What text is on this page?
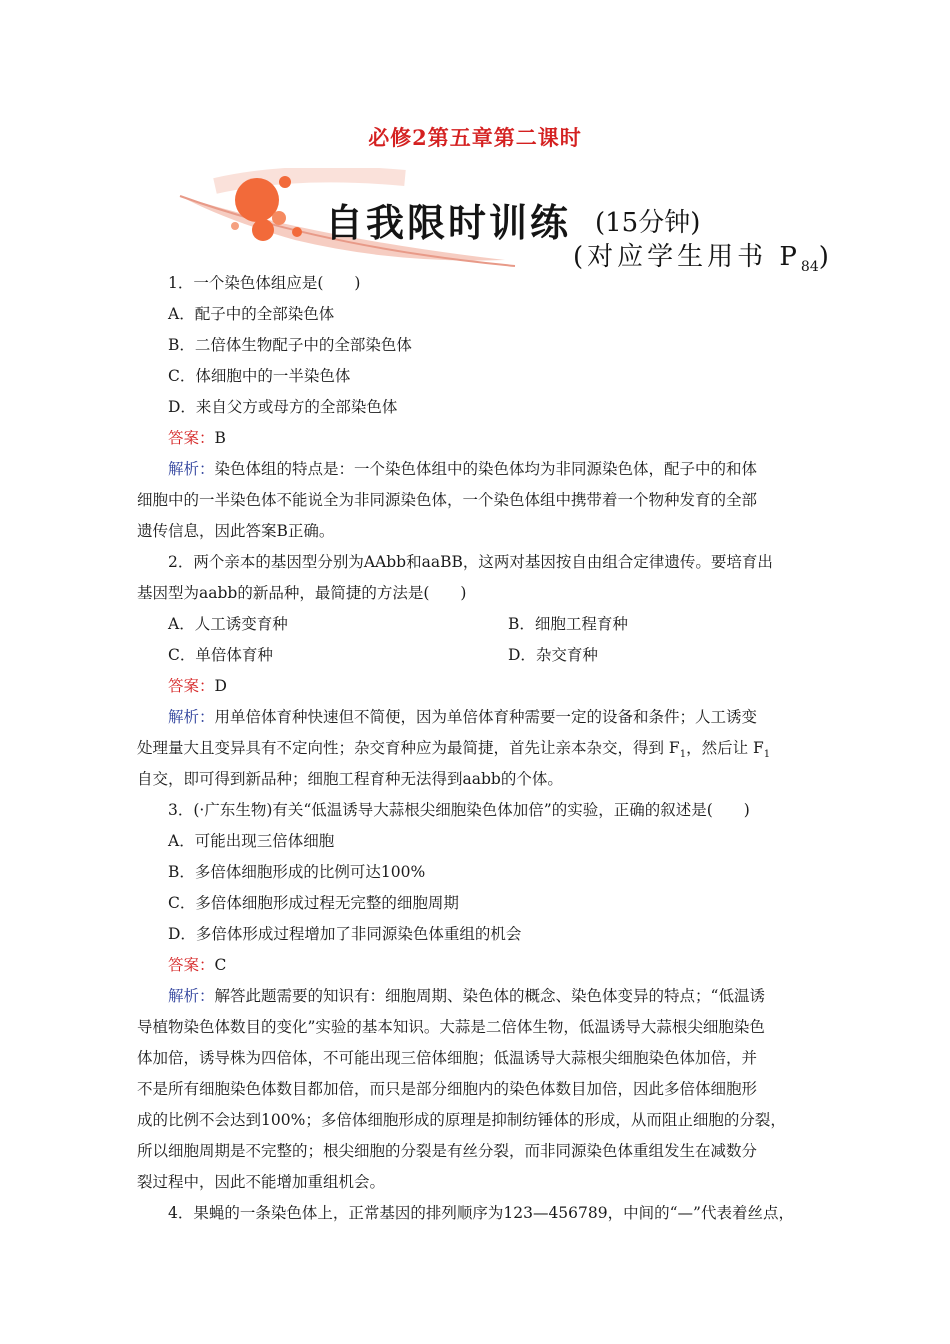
必修2第五章第二课时
自我限时训练 (15分钟)
(对应学生用书 $P_{84}$)
1．一个染色体组应是(　　)
A．配子中的全部染色体
B．二倍体生物配子中的全部染色体
C．体细胞中的一半染色体
D．来自父方或母方的全部染色体
答案：B
解析：染色体组的特点是：一个染色体组中的染色体均为非同源染色体，配子中的和体
细胞中的一半染色体不能说全为非同源染色体，一个染色体组中携带着一个物种发育的全部
遗传信息，因此答案B正确。
2．两个亲本的基因型分别为AAbb和aaBB，这两对基因按自由组合定律遗传。要培育出
基因型为aabb的新品种，最简捷的方法是(　　)
A．人工诱变育种	B．细胞工程育种
C．单倍体育种	D．杂交育种
答案：D
解析：用单倍体育种快速但不简便，因为单倍体育种需要一定的设备和条件；人工诱变
处理量大且变异具有不定向性；杂交育种应为最简捷，首先让亲本杂交，得到 $F_1$，然后让 $F_1$
自交，即可得到新品种；细胞工程育种无法得到aabb的个体。
3．(·广东生物)有关“低温诱导大蒜根尖细胞染色体加倍”的实验，正确的叙述是(　　)
A．可能出现三倍体细胞
B．多倍体细胞形成的比例可达100%
C．多倍体细胞形成过程无完整的细胞周期
D．多倍体形成过程增加了非同源染色体重组的机会
答案：C
解析：解答此题需要的知识有：细胞周期、染色体的概念、染色体变异的特点；“低温诱
导植物染色体数目的变化”实验的基本知识。大蒜是二倍体生物，低温诱导大蒜根尖细胞染色
体加倍，诱导株为四倍体，不可能出现三倍体细胞；低温诱导大蒜根尖细胞染色体加倍，并
不是所有细胞染色体数目都加倍，而只是部分细胞内的染色体数目加倍，因此多倍体细胞形
成的比例不会达到100%；多倍体细胞形成的原理是抑制纺锤体的形成，从而阻止细胞的分裂，
所以细胞周期是不完整的；根尖细胞的分裂是有丝分裂，而非同源染色体重组发生在减数分
裂过程中，因此不能增加重组机会。
4．果蝇的一条染色体上，正常基因的排列顺序为123—456789，中间的“—”代表着丝点，
